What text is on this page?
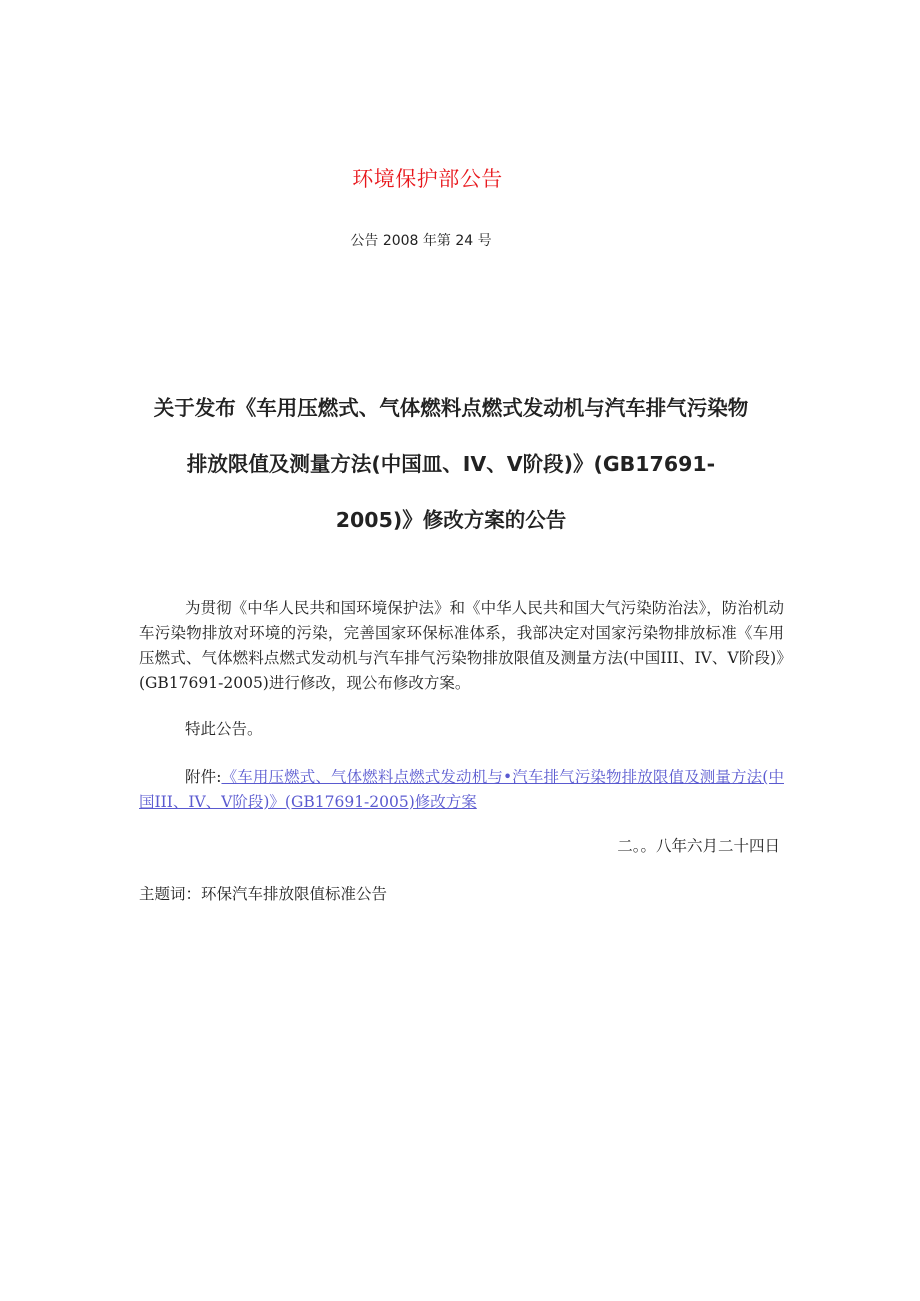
环境保护部公告
公告 2008 年第 24 号
关于发布《车用压燃式、气体燃料点燃式发动机与汽车排气污染物
排放限值及测量方法(中国皿、IV、V阶段)》(GB17691-
2005)》修改方案的公告

为贯彻《中华人民共和国环境保护法》和《中华人民共和国大气污染防治法》，防治机动车污染物排放对环境的污染，完善国家环保标准体系，我部决定对国家污染物排放标准《车用压燃式、气体燃料点燃式发动机与汽车排气污染物排放限值及测量方法(中国III、IV、V阶段)》(GB17691-2005)进行修改，现公布修改方案。

特此公告。

附件:《车用压燃式、气体燃料点燃式发动机与•汽车排气污染物排放限值及测量方法(中国III、IV、V阶段)》(GB17691-2005)修改方案

二。。八年六月二十四日
主题词：环保汽车排放限值标准公告
